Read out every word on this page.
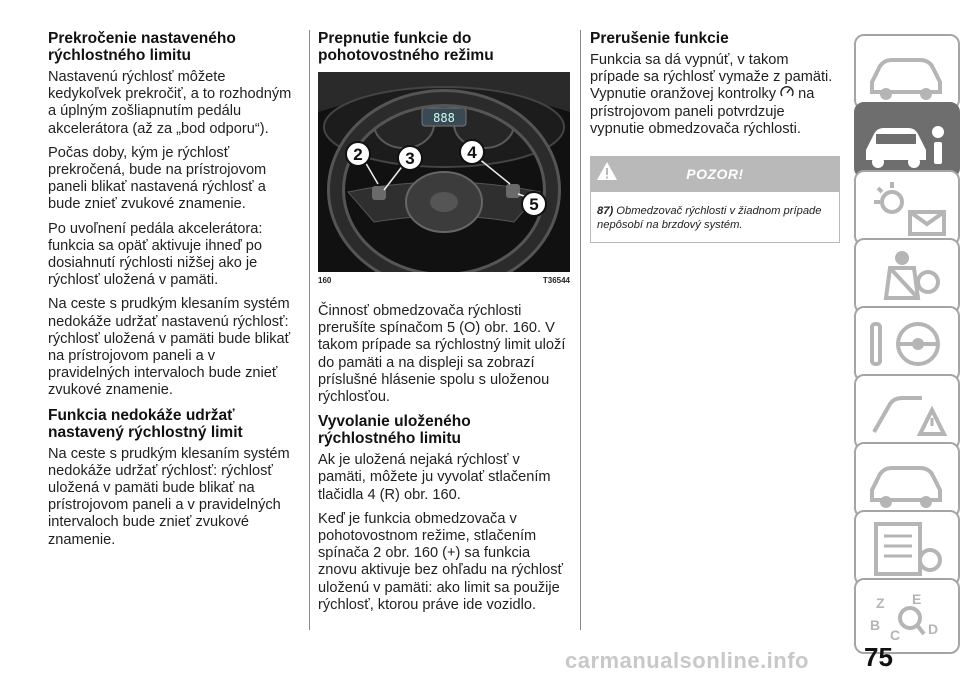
Prekročenie nastaveného rýchlostného limitu

Nastavenú rýchlosť môžete kedykoľvek prekročiť, a to rozhodným a úplným zošliapnutím pedálu akcelerátora (až za „bod odporu“).

Počas doby, kým je rýchlosť prekročená, bude na prístrojovom paneli blikať nastavená rýchlosť a bude znieť zvukové znamenie.

Po uvoľnení pedála akcelerátora: funkcia sa opäť aktivuje ihneď po dosiahnutí rýchlosti nižšej ako je rýchlosť uložená v pamäti.

Na ceste s prudkým klesaním systém nedokáže udržať nastavenú rýchlosť: rýchlosť uložená v pamäti bude blikať na prístrojovom paneli a v pravidelných intervaloch bude znieť zvukové znamenie.

Funkcia nedokáže udržať nastavený rýchlostný limit

Na ceste s prudkým klesaním systém nedokáže udržať rýchlosť: rýchlosť uložená v pamäti bude blikať na prístrojovom paneli a v pravidelných intervaloch bude znieť zvukové znamenie.

Prepnutie funkcie do pohotovostného režimu
888
2	3	4
5
160	T36544

Činnosť obmedzovača rýchlosti prerušíte spínačom 5 (O) obr. 160. V takom prípade sa rýchlostný limit uloží do pamäti a na displeji sa zobrazí príslušné hlásenie spolu s uloženou rýchlosťou.

Vyvolanie uloženého rýchlostného limitu

Ak je uložená nejaká rýchlosť v pamäti, môžete ju vyvolať stlačením tlačidla 4 (R) obr. 160.

Keď je funkcia obmedzovača v pohotovostnom režime, stlačením spínača 2 obr. 160 (+) sa funkcia znovu aktivuje bez ohľadu na rýchlosť uloženú v pamäti: ako limit sa použije rýchlosť, ktorou práve ide vozidlo.

Prerušenie funkcie

Funkcia sa dá vypnúť, v takom prípade sa rýchlosť vymaže z pamäti. Vypnutie oranžovej kontrolky na prístrojovom paneli potvrdzuje vypnutie obmedzovača rýchlosti.

POZOR!
87) Obmedzovač rýchlosti v žiadnom prípade nepôsobí na brzdový systém.
Z E
B
C D
carmanualsonline.info 75
